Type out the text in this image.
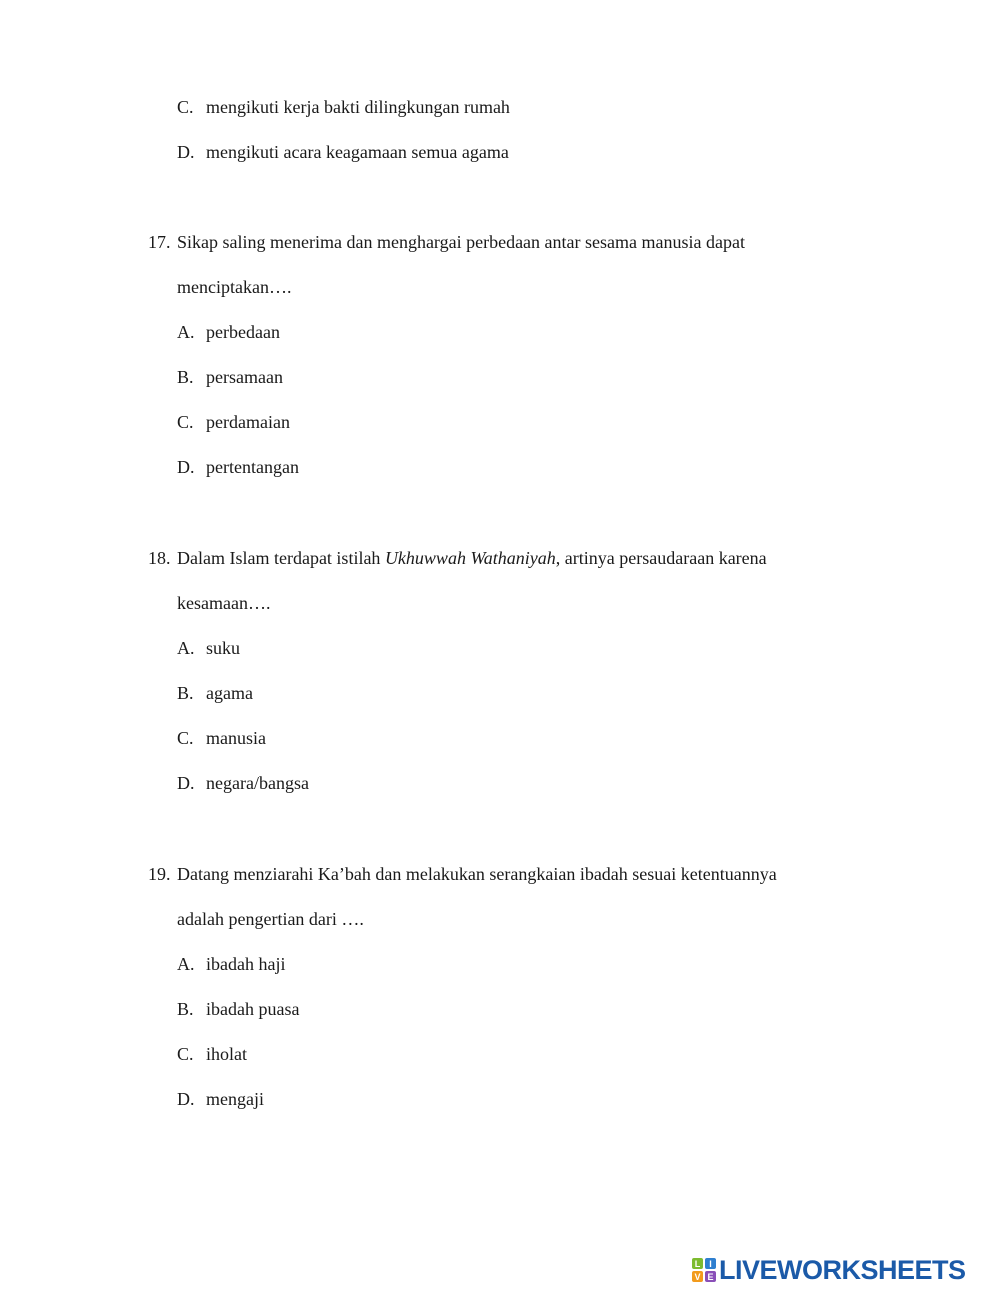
C. mengikuti kerja bakti dilingkungan rumah
D. mengikuti acara keagamaan semua agama
17. Sikap saling menerima dan menghargai perbedaan antar sesama manusia dapat
menciptakan….
A. perbedaan
B. persamaan
C. perdamaian
D. pertentangan
18. Dalam Islam terdapat istilah Ukhuwwah Wathaniyah, artinya persaudaraan karena
kesamaan….
A. suku
B. agama
C. manusia
D. negara/bangsa
19. Datang menziarahi Ka’bah dan melakukan serangkaian ibadah sesuai ketentuannya
adalah pengertian dari ….
A. ibadah haji
B. ibadah puasa
C. iholat
D. mengaji
L I
V E LIVEWORKSHEETS
